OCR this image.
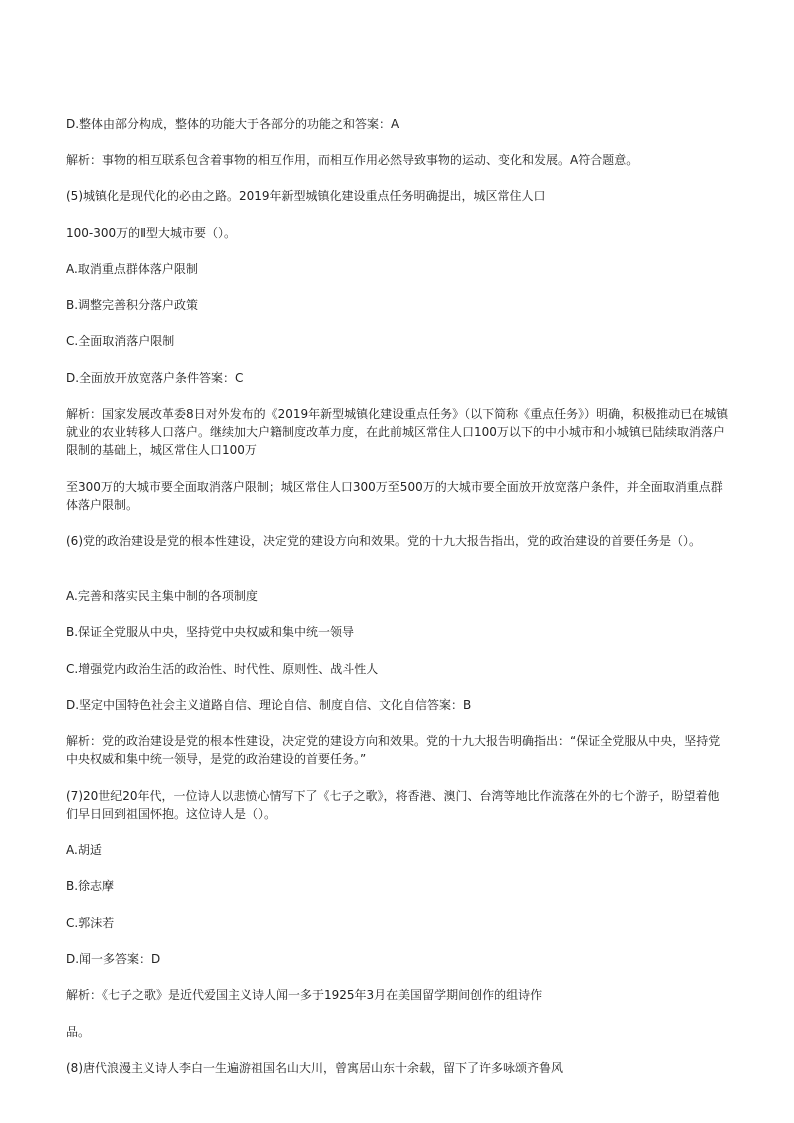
D.整体由部分构成，整体的功能大于各部分的功能之和答案：A
解析：事物的相互联系包含着事物的相互作用，而相互作用必然导致事物的运动、变化和发展。A符合题意。
(5)城镇化是现代化的必由之路。2019年新型城镇化建设重点任务明确提出，城区常住人口
100-300万的Ⅱ型大城市要（）。
A.取消重点群体落户限制
B.调整完善积分落户政策
C.全面取消落户限制
D.全面放开放宽落户条件答案：C
解析：国家发展改革委8日对外发布的《2019年新型城镇化建设重点任务》（以下简称《重点任务》）明确，积极推动已在城镇就业的农业转移人口落户。继续加大户籍制度改革力度，在此前城区常住人口100万以下的中小城市和小城镇已陆续取消落户限制的基础上，城区常住人口100万
至300万的大城市要全面取消落户限制；城区常住人口300万至500万的大城市要全面放开放宽落户条件，并全面取消重点群体落户限制。
(6)党的政治建设是党的根本性建设，决定党的建设方向和效果。党的十九大报告指出，党的政治建设的首要任务是（）。
A.完善和落实民主集中制的各项制度
B.保证全党服从中央，坚持党中央权威和集中统一领导
C.增强党内政治生活的政治性、时代性、原则性、战斗性人
D.坚定中国特色社会主义道路自信、理论自信、制度自信、文化自信答案：B
解析：党的政治建设是党的根本性建设，决定党的建设方向和效果。党的十九大报告明确指出：“保证全党服从中央，坚持党中央权威和集中统一领导，是党的政治建设的首要任务。”
(7)20世纪20年代，一位诗人以悲愤心情写下了《七子之歌》，将香港、澳门、台湾等地比作流落在外的七个游子，盼望着他们早日回到祖国怀抱。这位诗人是（）。
A.胡适
B.徐志摩
C.郭沫若
D.闻一多答案：D
解析：《七子之歌》是近代爱国主义诗人闻一多于1925年3月在美国留学期间创作的组诗作
品。
(8)唐代浪漫主义诗人李白一生遍游祖国名山大川，曾寓居山东十余载，留下了许多咏颂齐鲁风
